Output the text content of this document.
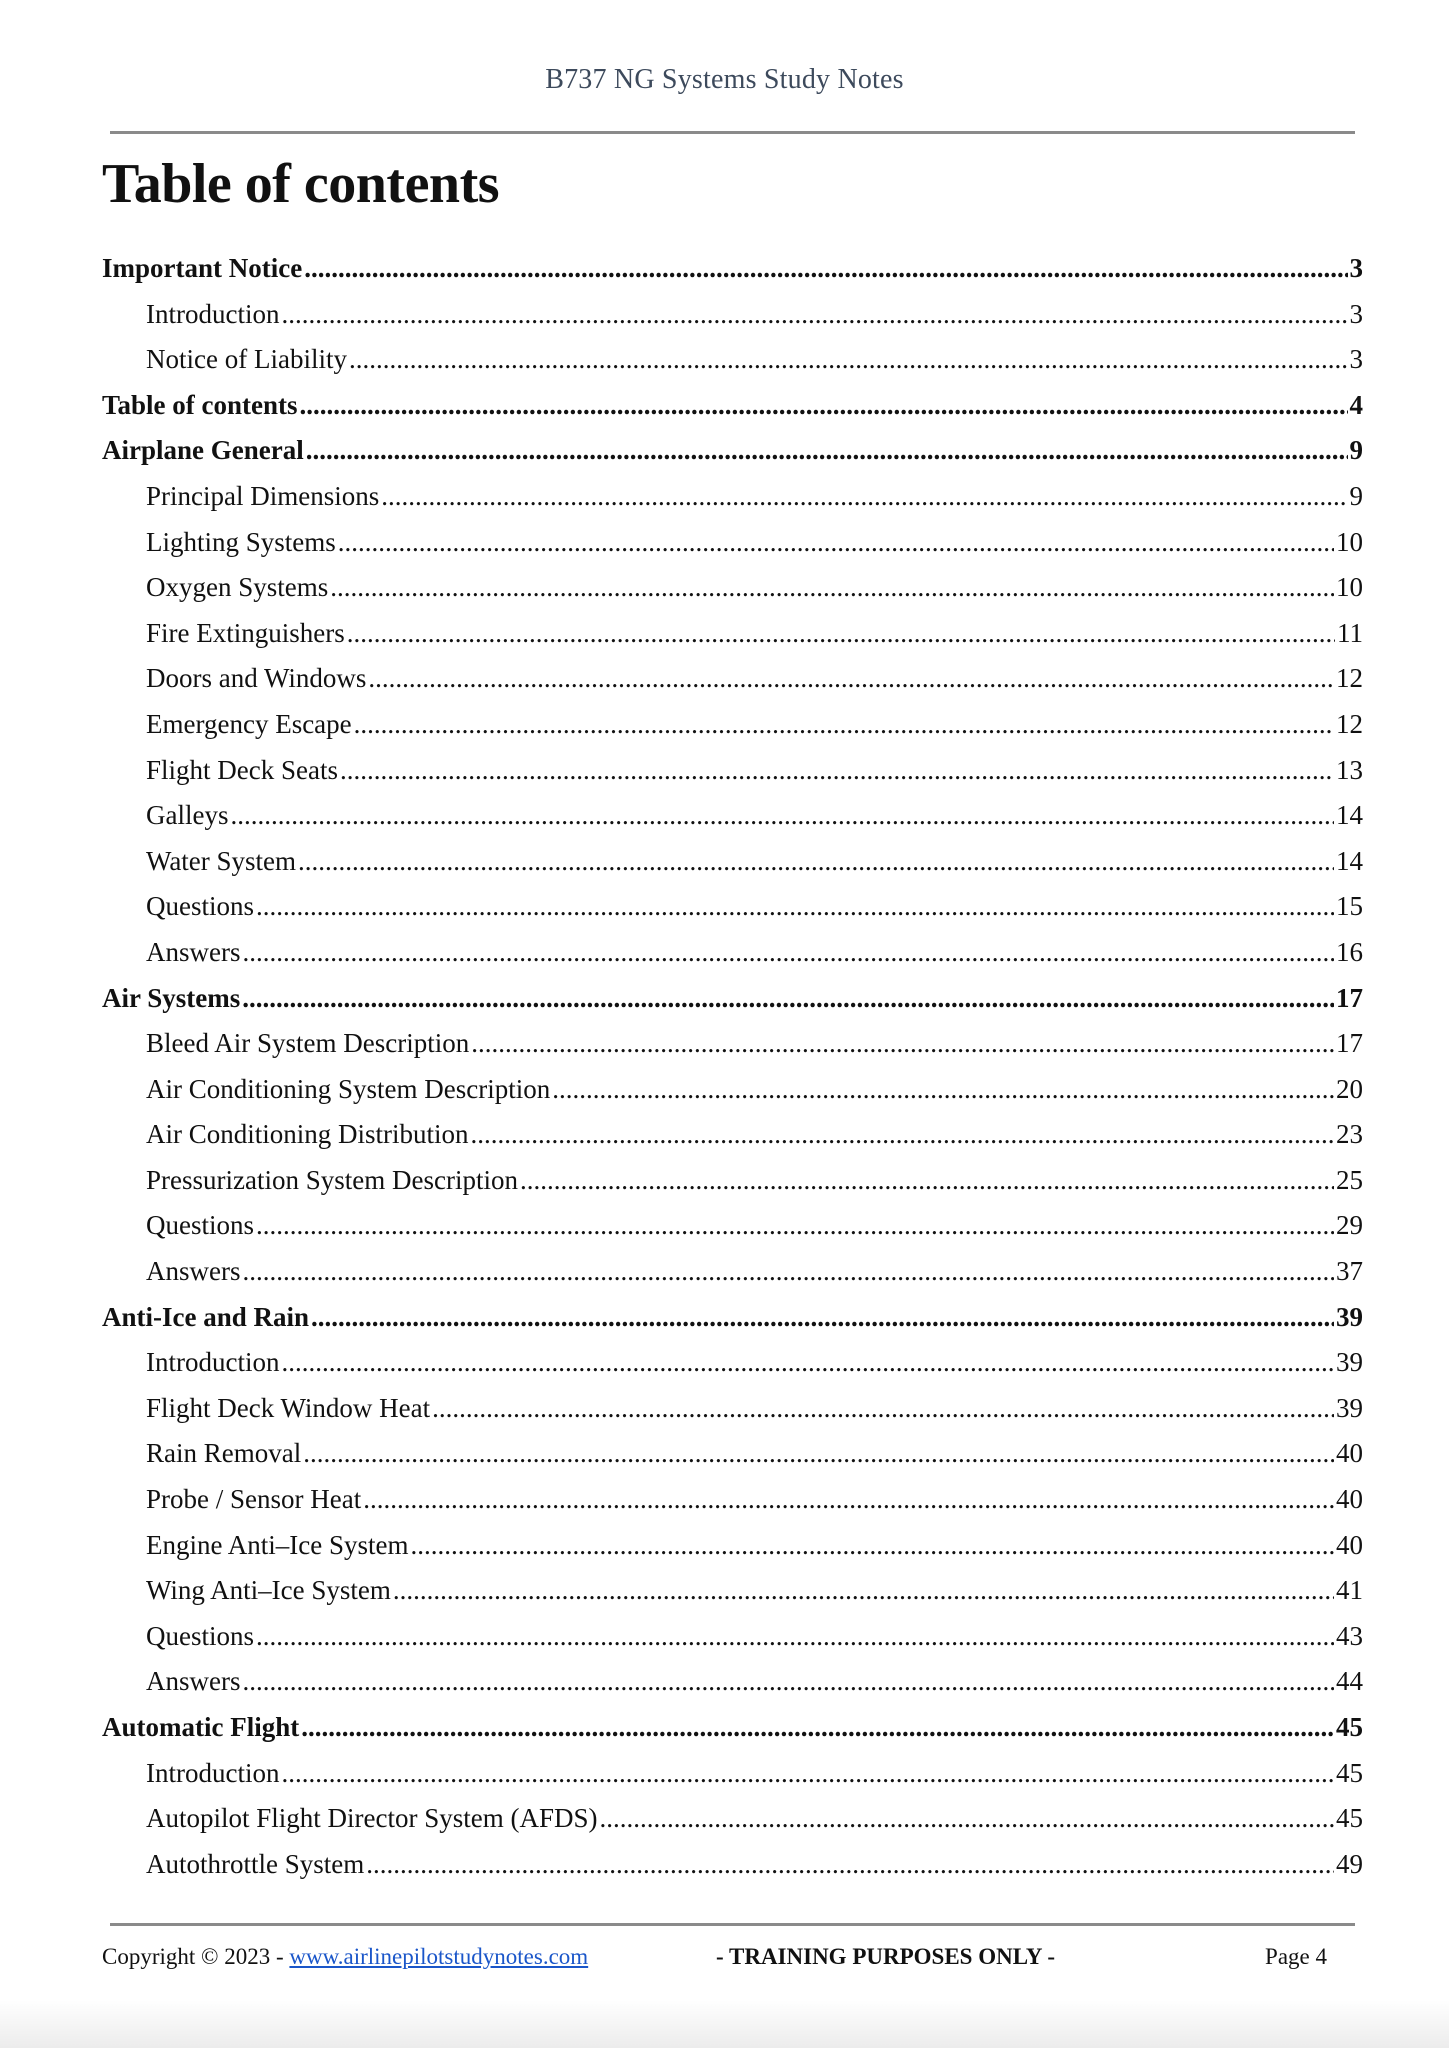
B737 NG Systems Study Notes
Table of contents
Important Notice .....	3
Introduction .....	3
Notice of Liability .....	3
Table of contents .....	4
Airplane General .....	9
Principal Dimensions .....	9
Lighting Systems .....	10
Oxygen Systems .....	10
Fire Extinguishers .....	11
Doors and Windows .....	12
Emergency Escape .....	12
Flight Deck Seats .....	13
Galleys .....	14
Water System .....	14
Questions .....	15
Answers .....	16
Air Systems .....	17
Bleed Air System Description .....	17
Air Conditioning System Description .....	20
Air Conditioning Distribution .....	23
Pressurization System Description .....	25
Questions .....	29
Answers .....	37
Anti-Ice and Rain .....	39
Introduction .....	39
Flight Deck Window Heat .....	39
Rain Removal .....	40
Probe / Sensor Heat .....	40
Engine Anti–Ice System .....	40
Wing Anti–Ice System .....	41
Questions .....	43
Answers .....	44
Automatic Flight .....	45
Introduction .....	45
Autopilot Flight Director System (AFDS) .....	45
Autothrottle System .....	49
Copyright © 2023 - www.airlinepilotstudynotes.com	- TRAINING PURPOSES ONLY -	Page 4
